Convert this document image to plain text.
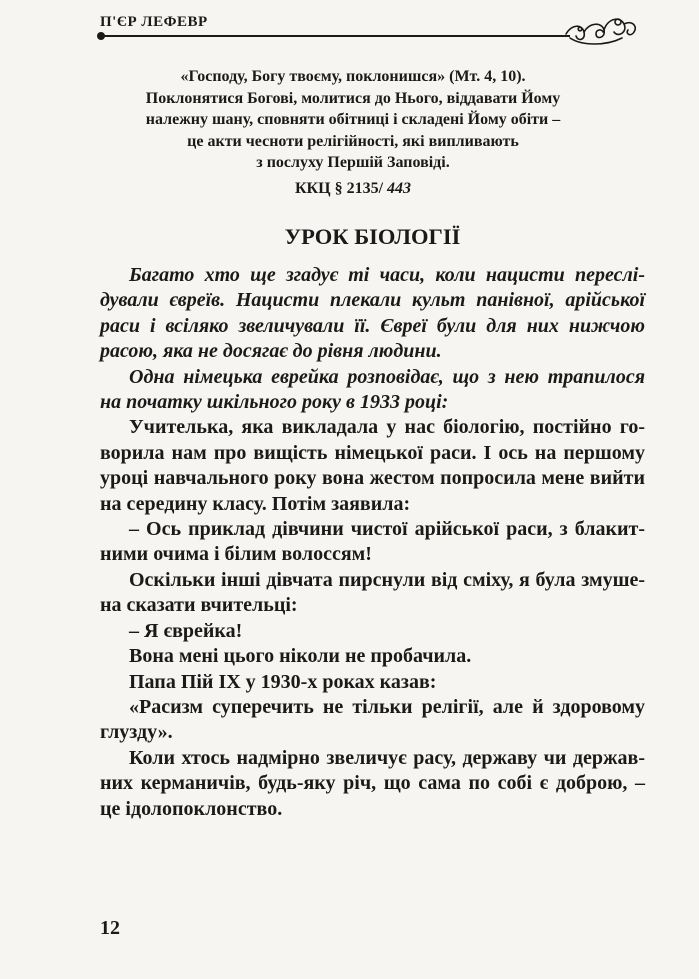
П'ЄР ЛЕФЕВР
«Господу, Богу твоєму, поклонишся» (Мт. 4, 10).
Поклонятися Богові, молитися до Нього, віддавати Йому
належну шану, сповняти обітниці і складені Йому обіти –
це акти чесноти релігійності, які випливають
з послуху Першій Заповіді.
ККЦ § 2135/ 443
УРОК БІОЛОГІЇ
Багато хто ще згадує ті часи, коли нацисти переслі-
дували євреїв. Нацисти плекали культ панівної, арійської
раси і всіляко звеличували її. Євреї були для них нижчою
расою, яка не досягає до рівня людини.
Одна німецька еврейка розповідає, що з нею трапилося
на початку шкільного року в 1933 році:
Учителька, яка викладала у нас біологію, постійно го-
ворила нам про вищість німецької раси. І ось на першому
уроці навчального року вона жестом попросила мене вийти
на середину класу. Потім заявила:
– Ось приклад дівчини чистої арійської раси, з блакит-
ними очима і білим волоссям!
Оскільки інші дівчата пирснули від сміху, я була змуше-
на сказати вчительці:
– Я єврейка!
Вона мені цього ніколи не пробачила.
Папа Пій ІХ у 1930-х роках казав:
«Расизм суперечить не тільки релігії, але й здоровому
глузду».
Коли хтось надмірно звеличує расу, державу чи держав-
них керманичів, будь-яку річ, що сама по собі є доброю, –
це ідолопоклонство.
12
